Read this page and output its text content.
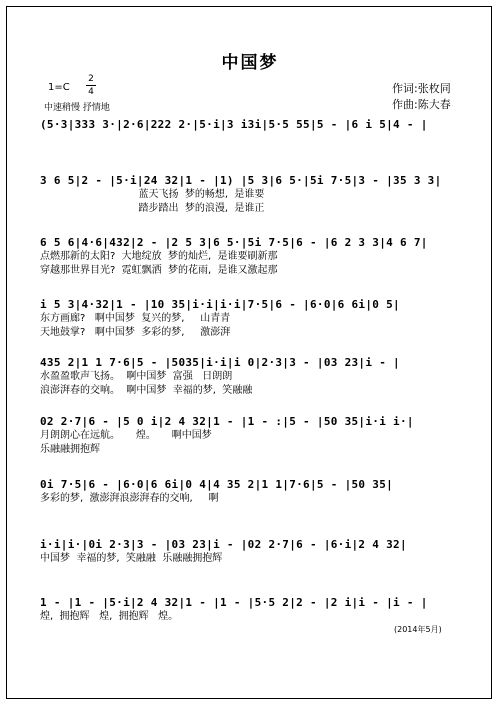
中国梦
1=C
2
4
中速稍慢 抒情地
作词:张枚同
作曲:陈大春
(5·3|333 3·|2·6|222 2·|5·i|3 i3i|5·5 55|5 - |6 i 5|4 - |
3 6 5|2 - |5·i|24 32|1 - |1) |5 3|6 5·|5i 7·5|3 - |35 3 3|
蓝天飞扬  梦的畅想,  是谁要
踏步踏出  梦的浪漫,  是谁正
6 5 6|4·6|432|2 - |2 5 3|6 5·|5i 7·5|6 - |6 2 3 3|4 6 7|
点燃那新的太阳?  大地绽放  梦的灿烂,  是谁要刷新那
穿越那世界目光?  霓虹飘洒  梦的花雨,  是谁又激起那
i 5 3|4·32|1 - |10 35|i·i|i·i|7·5|6 - |6·0|6 6i|0 5|
东方画廊?   啊中国梦  复兴的梦,     山青青
天地鼓掌?   啊中国梦  多彩的梦,     激澎湃
435 2|1 1 7·6|5 - |5035|i·i|i 0|2·3|3 - |03 23|i - |
水盈盈歌声飞扬。  啊中国梦  富强   日朗朗
浪澎湃春的交响。  啊中国梦  幸福的梦,  笑融融
02 2·7|6 - |5 0 i|2 4 32|1 - |1 - :|5 - |50 35|i·i i·|
月朗朗心在远航。     煌。     啊中国梦
乐融融拥抱辉
0i 7·5|6 - |6·0|6 6i|0 4|4 35 2|1 1|7·6|5 - |50 35|
多彩的梦,  激澎湃浪澎湃春的交响,     啊
i·i|i·|0i 2·3|3 - |03 23|i - |02 2·7|6 - |6·i|2 4 32|
中国梦  幸福的梦,  笑融融  乐融融拥抱辉
1 - |1 - |5·i|2 4 32|1 - |1 - |5·5 2|2 - |2 i|i - |i - |
煌,  拥抱辉   煌,  拥抱辉   煌。
(2014年5月)
